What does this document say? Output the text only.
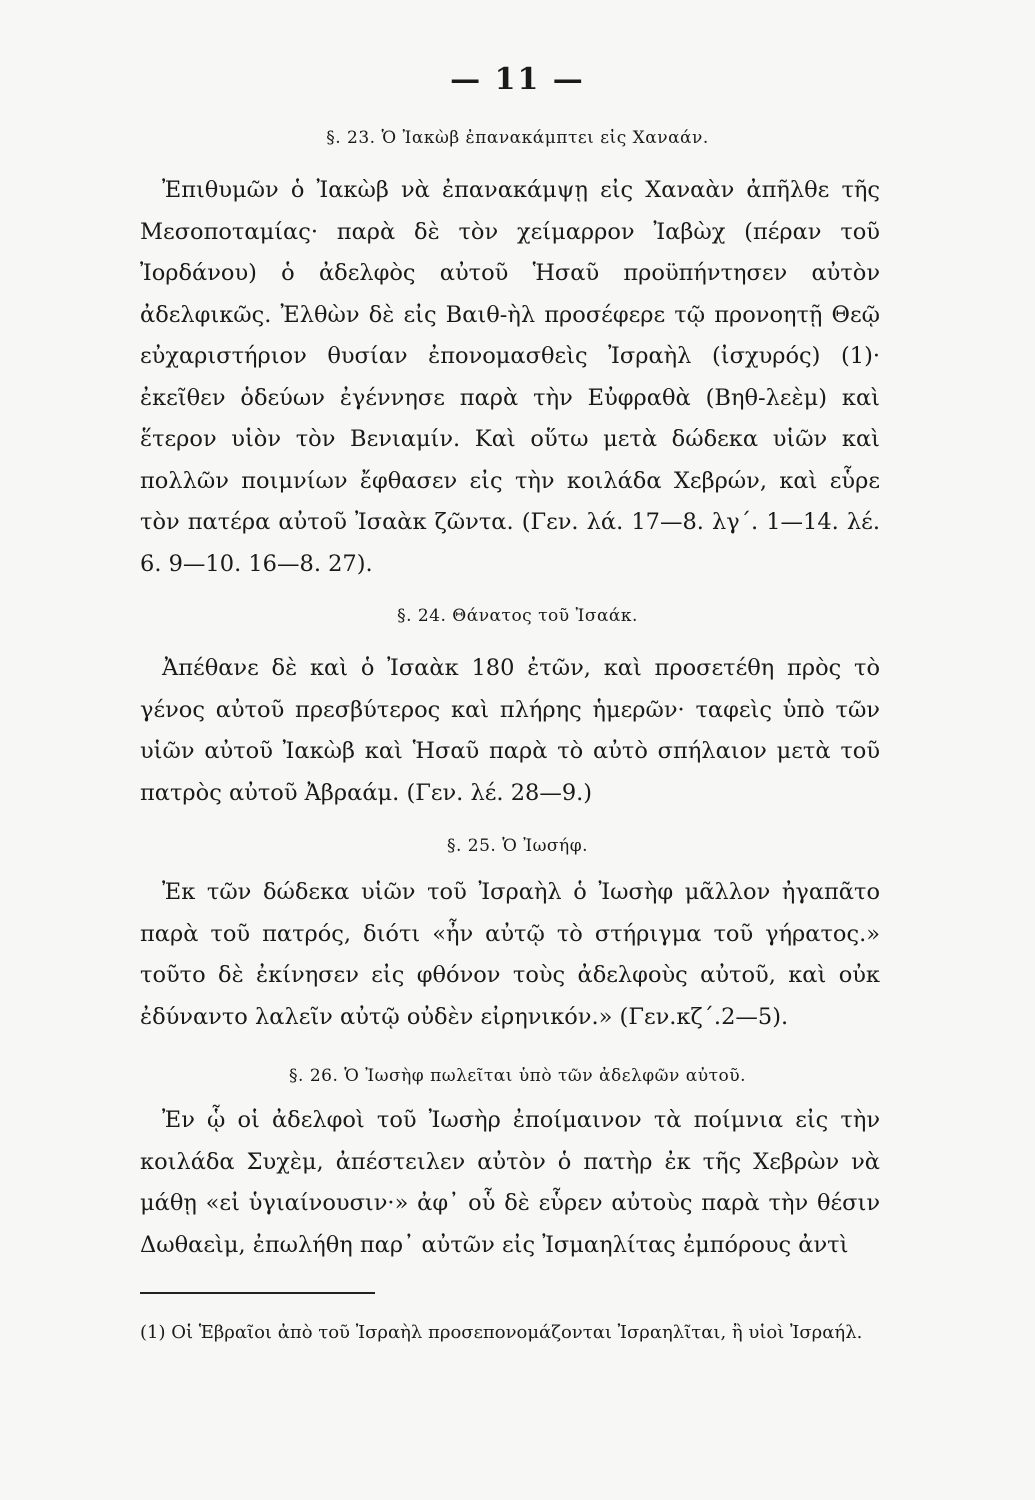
— 11 —
§. 23. Ὁ Ἰακὼβ ἐπανακάμπτει εἰς Χαναάν.

Ἐπιθυμῶν ὁ Ἰακὼβ νὰ ἐπανακάμψῃ εἰς Χαναὰν ἀπῆλθε τῆς Μεσοποταμίας· παρὰ δὲ τὸν χείμαρρον Ἰαβὼχ (πέραν τοῦ Ἰορδάνου) ὁ ἀδελφὸς αὐτοῦ Ἡσαῦ προϋπήντησεν αὐτὸν ἀδελφικῶς. Ἐλθὼν δὲ εἰς Βαιθ-ὴλ προσέφερε τῷ προνοητῇ Θεῷ εὐχαριστήριον θυσίαν ἐπονομασθεὶς Ἰσραὴλ (ἰσχυρός) (1)· ἐκεῖθεν ὁδεύων ἐγέννησε παρὰ τὴν Εὐφραθὰ (Βηθ-λεὲμ) καὶ ἕτερον υἱὸν τὸν Βενιαμίν. Καὶ οὕτω μετὰ δώδεκα υἱῶν καὶ πολλῶν ποιμνίων ἔφθασεν εἰς τὴν κοιλάδα Χεβρών, καὶ εὗρε τὸν πατέρα αὐτοῦ Ἰσαὰκ ζῶντα. (Γεν. λά. 17—8. λγ΄. 1—14. λέ. 6. 9—10. 16—8. 27).

§. 24. Θάνατος τοῦ Ἰσαάκ.

Ἀπέθανε δὲ καὶ ὁ Ἰσαὰκ 180 ἐτῶν, καὶ προσετέθη πρὸς τὸ γένος αὐτοῦ πρεσβύτερος καὶ πλήρης ἡμερῶν· ταφεὶς ὑπὸ τῶν υἱῶν αὐτοῦ Ἰακὼβ καὶ Ἡσαῦ παρὰ τὸ αὐτὸ σπήλαιον μετὰ τοῦ πατρὸς αὐτοῦ Ἀβραάμ. (Γεν. λέ. 28—9.)

§. 25. Ὁ Ἰωσήφ.

Ἐκ τῶν δώδεκα υἱῶν τοῦ Ἰσραὴλ ὁ Ἰωσὴφ μᾶλλον ἠγαπᾶτο παρὰ τοῦ πατρός, διότι «ἦν αὐτῷ τὸ στήριγμα τοῦ γήρατος.» τοῦτο δὲ ἐκίνησεν εἰς φθόνον τοὺς ἀδελφοὺς αὐτοῦ, καὶ οὐκ ἐδύναντο λαλεῖν αὐτῷ οὐδὲν εἰρηνικόν.» (Γεν.κζ΄.2—5).

§. 26. Ὁ Ἰωσὴφ πωλεῖται ὑπὸ τῶν ἀδελφῶν αὐτοῦ.

Ἐν ᾧ οἱ ἀδελφοὶ τοῦ Ἰωσὴρ ἐποίμαινον τὰ ποίμνια εἰς τὴν κοιλάδα Συχὲμ, ἀπέστειλεν αὐτὸν ὁ πατὴρ ἐκ τῆς Χεβρὼν νὰ μάθῃ «εἰ ὑγιαίνουσιν·» ἀφ᾽ οὗ δὲ εὗρεν αὐτοὺς παρὰ τὴν θέσιν Δωθαεὶμ, ἐπωλήθη παρ᾽ αὐτῶν εἰς Ἰσμαηλίτας ἐμπόρους ἀντὶ

(1) Οἱ Ἑβραῖοι ἀπὸ τοῦ Ἰσραὴλ προσεπονομάζονται Ἰσραηλῖται, ἢ υἱοὶ Ἰσραήλ.
